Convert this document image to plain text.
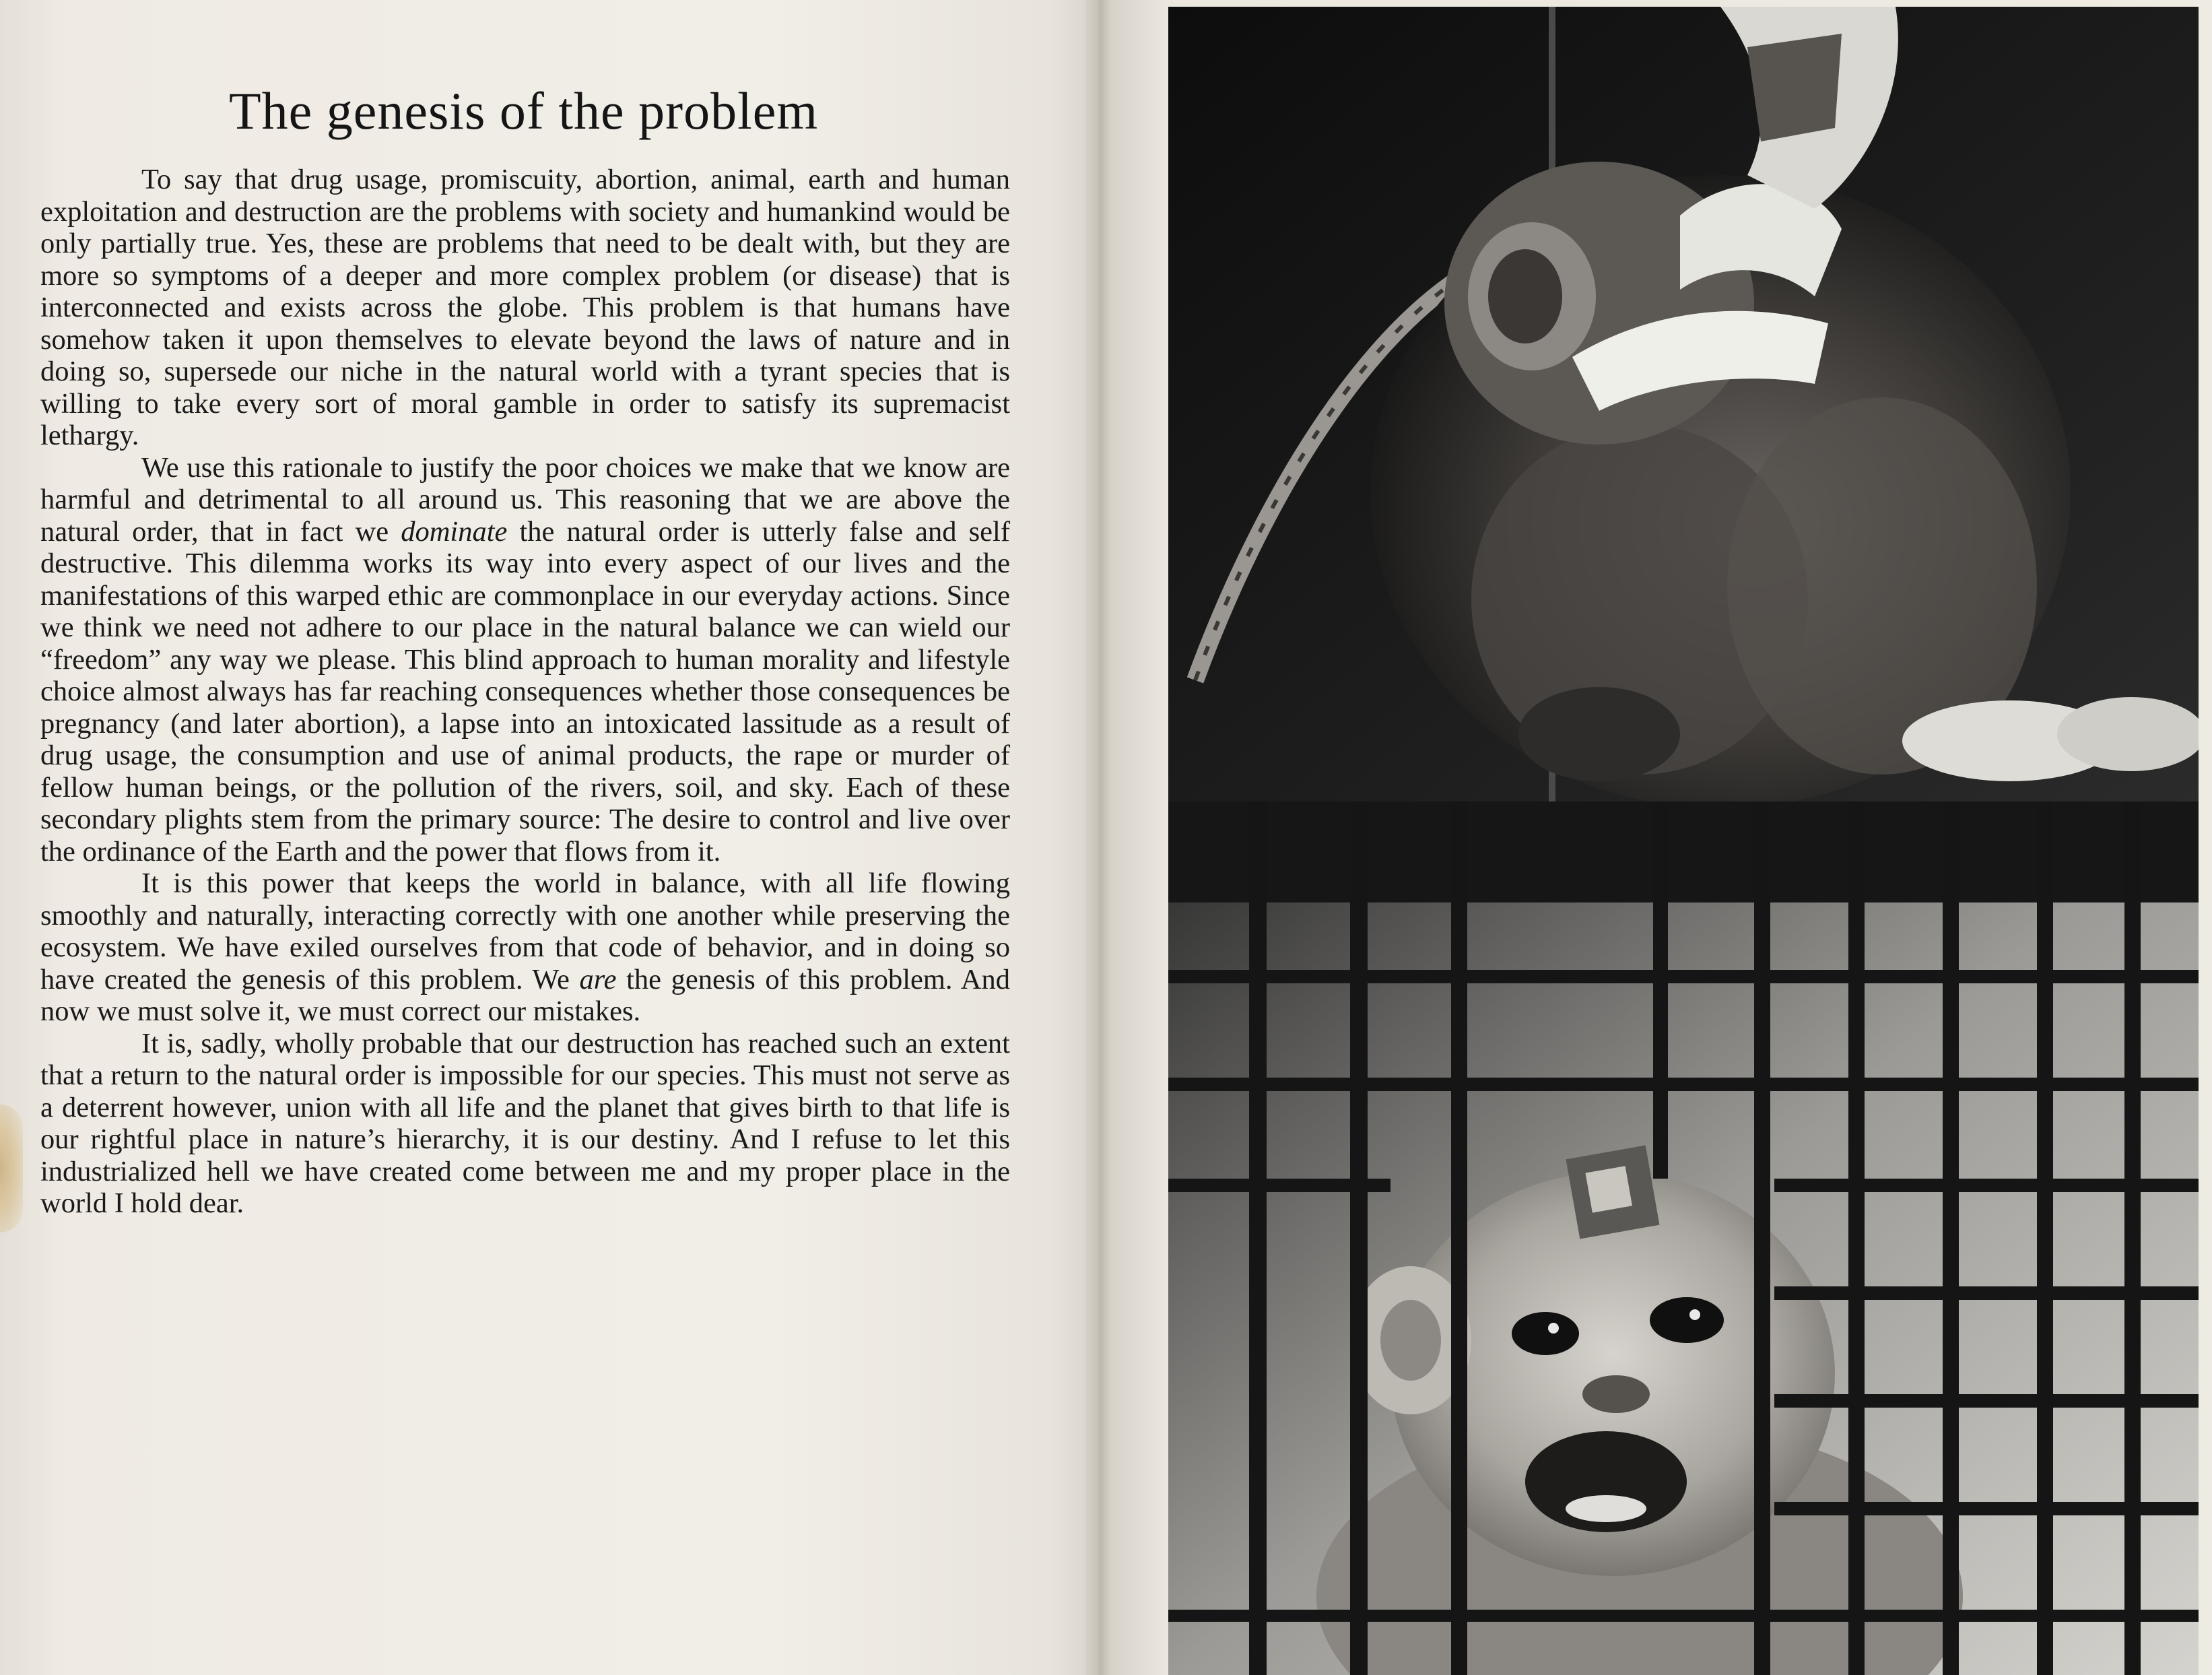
The genesis of the problem

To say that drug usage, promiscuity, abortion, animal, earth and human exploitation and destruction are the problems with society and humankind would be only partially true. Yes, these are problems that need to be dealt with, but they are more so symptoms of a deeper and more complex problem (or disease) that is interconnected and exists across the globe. This problem is that humans have somehow taken it upon themselves to elevate beyond the laws of nature and in doing so, supersede our niche in the natural world with a tyrant species that is willing to take every sort of moral gamble in order to satisfy its supremacist lethargy.

We use this rationale to justify the poor choices we make that we know are harmful and detrimental to all around us. This reasoning that we are above the natural order, that in fact we dominate the natural order is utterly false and self destructive. This dilemma works its way into every aspect of our lives and the manifestations of this warped ethic are commonplace in our everyday actions. Since we think we need not adhere to our place in the natural balance we can wield our “freedom” any way we please. This blind approach to human morality and lifestyle choice almost always has far reaching consequences whether those consequences be pregnancy (and later abortion), a lapse into an intoxicated lassitude as a result of drug usage, the consumption and use of animal products, the rape or murder of fellow human beings, or the pollution of the rivers, soil, and sky. Each of these secondary plights stem from the primary source: The desire to control and live over the ordinance of the Earth and the power that flows from it.

It is this power that keeps the world in balance, with all life flowing smoothly and naturally, interacting correctly with one another while preserving the ecosystem. We have exiled ourselves from that code of behavior, and in doing so have created the genesis of this problem. We are the genesis of this problem. And now we must solve it, we must correct our mistakes.

It is, sadly, wholly probable that our destruction has reached such an extent that a return to the natural order is impossible for our species. This must not serve as a deterrent however, union with all life and the planet that gives birth to that life is our rightful place in nature’s hierarchy, it is our destiny. And I refuse to let this industrialized hell we have created come between me and my proper place in the world I hold dear.
